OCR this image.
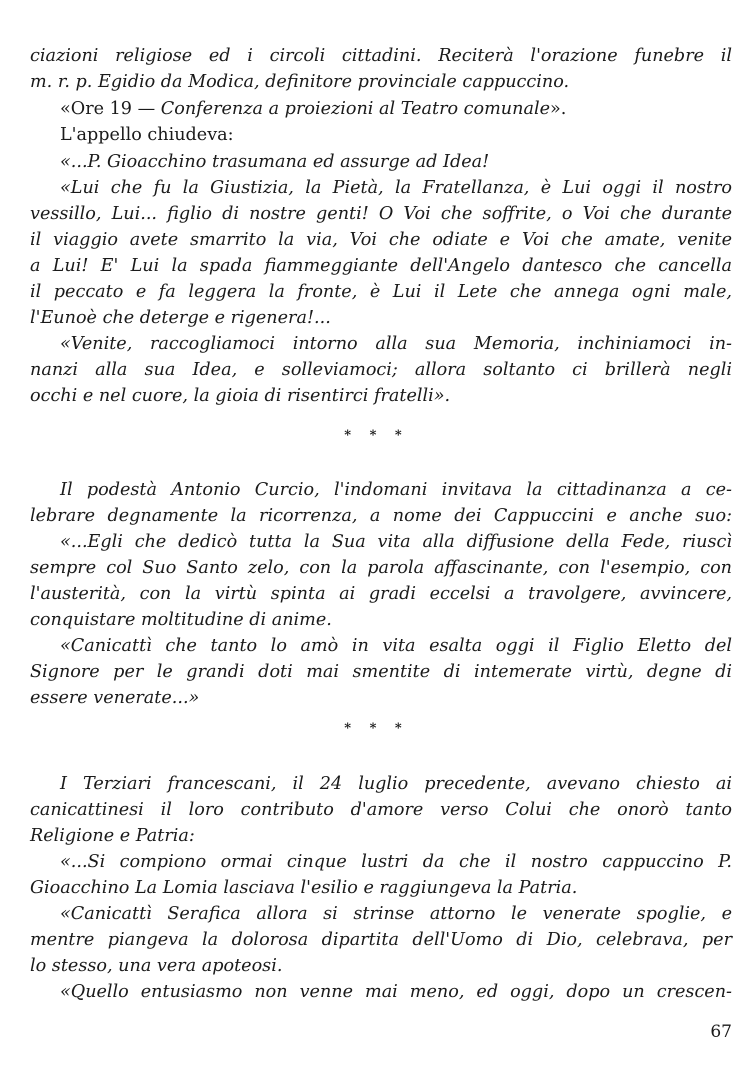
ciazioni religiose ed i circoli cittadini. Reciterà l'orazione funebre il
m. r. p. Egidio da Modica, definitore provinciale cappuccino.
«Ore 19 — Conferenza a proiezioni al Teatro comunale».
L'appello chiudeva:
«...P. Gioacchino trasumana ed assurge ad Idea!
«Lui che fu la Giustizia, la Pietà, la Fratellanza, è Lui oggi il nostro
vessillo, Lui... figlio di nostre genti! O Voi che soffrite, o Voi che durante
il viaggio avete smarrito la via, Voi che odiate e Voi che amate, venite
a Lui! E' Lui la spada fiammeggiante dell'Angelo dantesco che cancella
il peccato e fa leggera la fronte, è Lui il Lete che annega ogni male,
l'Eunoè che deterge e rigenera!...
«Venite, raccogliamoci intorno alla sua Memoria, inchiniamoci in-
nanzi alla sua Idea, e solleviamoci; allora soltanto ci brillerà negli
occhi e nel cuore, la gioia di risentirci fratelli».
* * *
Il podestà Antonio Curcio, l'indomani invitava la cittadinanza a ce-
lebrare degnamente la ricorrenza, a nome dei Cappuccini e anche suo:
«...Egli che dedicò tutta la Sua vita alla diffusione della Fede, riuscì
sempre col Suo Santo zelo, con la parola affascinante, con l'esempio, con
l'austerità, con la virtù spinta ai gradi eccelsi a travolgere, avvincere,
conquistare moltitudine di anime.
«Canicattì che tanto lo amò in vita esalta oggi il Figlio Eletto del
Signore per le grandi doti mai smentite di intemerate virtù, degne di
essere venerate...»
* * *
I Terziari francescani, il 24 luglio precedente, avevano chiesto ai
canicattinesi il loro contributo d'amore verso Colui che onorò tanto
Religione e Patria:
«...Si compiono ormai cinque lustri da che il nostro cappuccino P.
Gioacchino La Lomia lasciava l'esilio e raggiungeva la Patria.
«Canicattì Serafica allora si strinse attorno le venerate spoglie, e
mentre piangeva la dolorosa dipartita dell'Uomo di Dio, celebrava, per
lo stesso, una vera apoteosi.
«Quello entusiasmo non venne mai meno, ed oggi, dopo un crescen-
67
